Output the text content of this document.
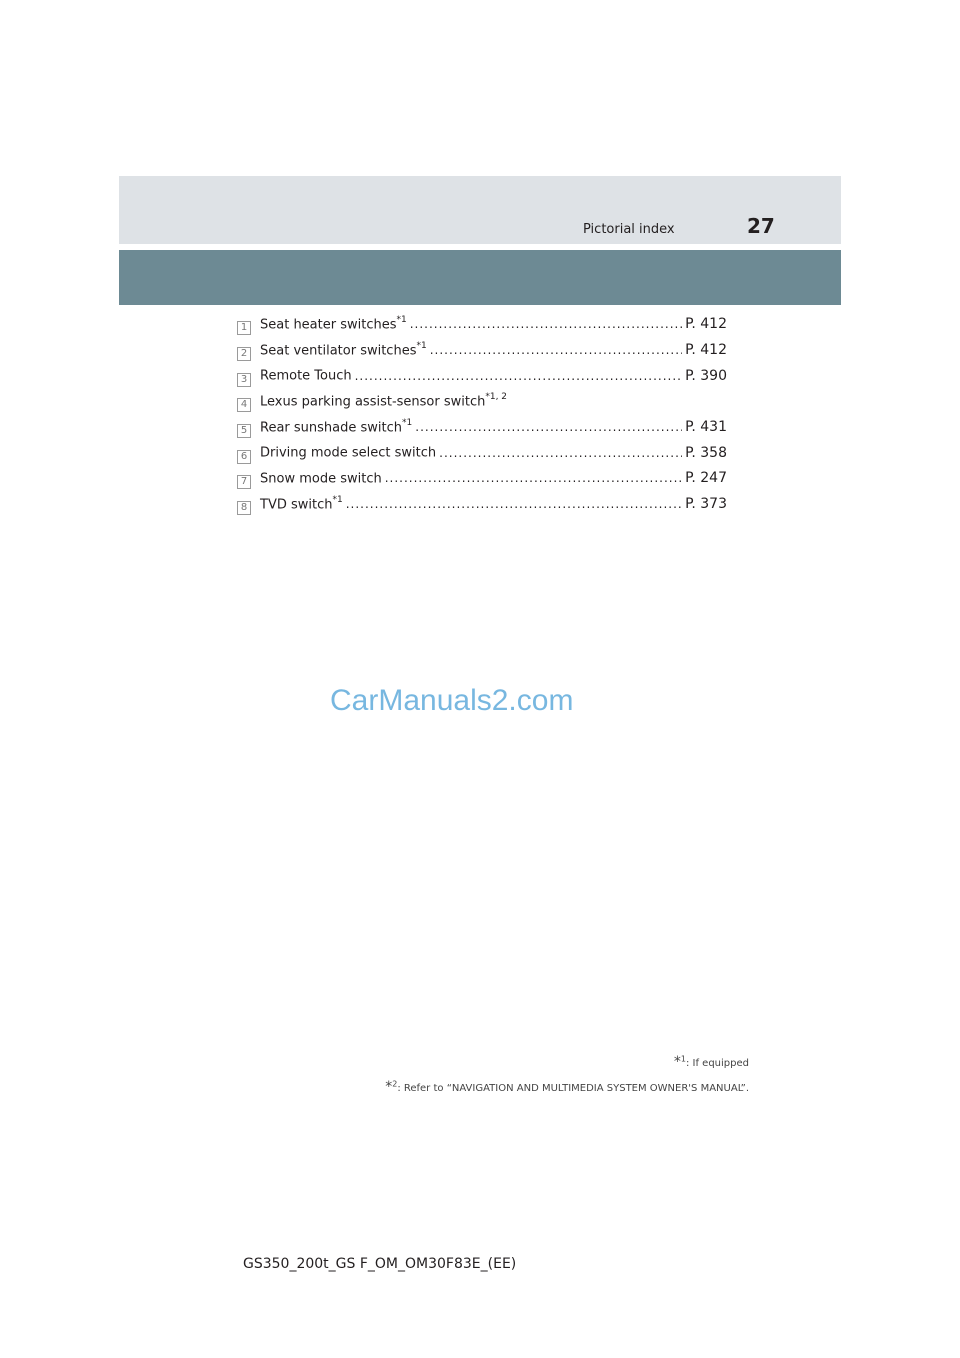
Pictorial index	27
1 Seat heater switches$^{*1}$ .....	P. 412
2 Seat ventilator switches$^{*1}$ .....	P. 412
3 Remote Touch .....	P. 390
4 Lexus parking assist-sensor switch$^{*1, 2}$
5 Rear sunshade switch$^{*1}$ .....	P. 431
6 Driving mode select switch .....	P. 358
7 Snow mode switch .....	P. 247
8 TVD switch$^{*1}$ .....	P. 373
CarManuals2.com
*$^1$: If equipped
*$^2$: Refer to “NAVIGATION AND MULTIMEDIA SYSTEM OWNER'S MANUAL”.
GS350_200t_GS F_OM_OM30F83E_(EE)
